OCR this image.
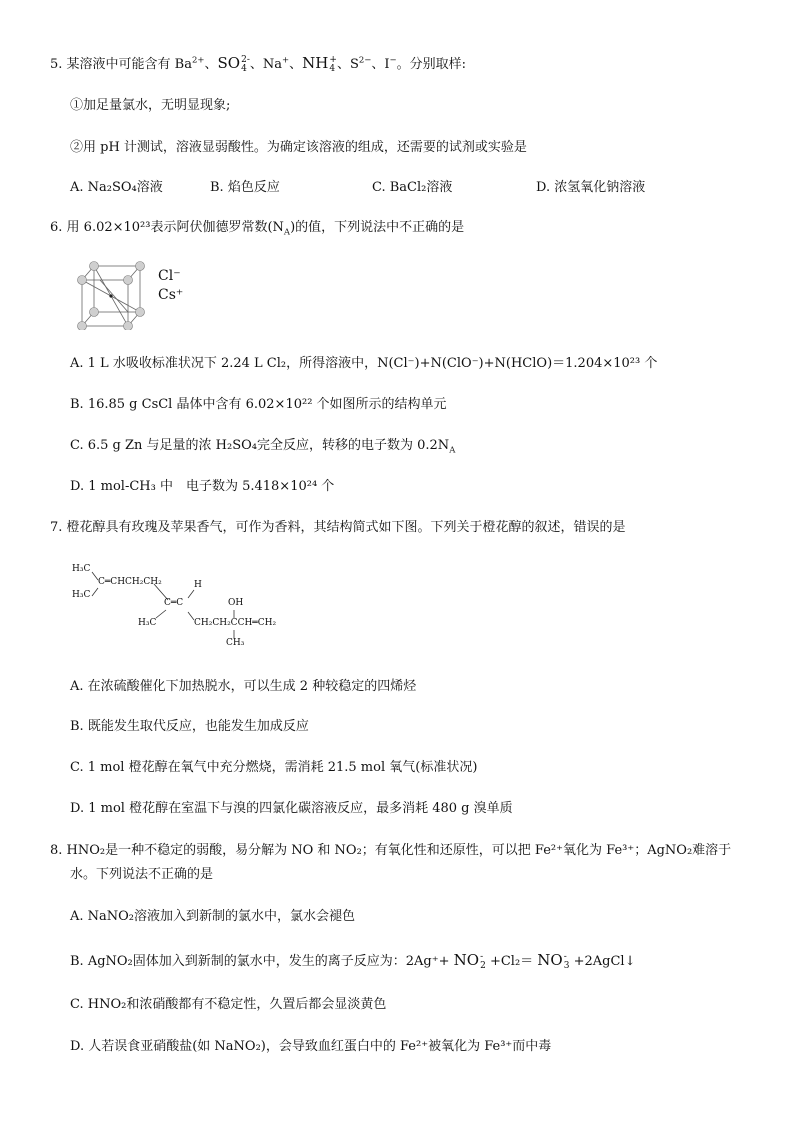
5. 某溶液中可能含有 $Ba^{2+}$、SO 2-
4 、Na+、NH +
4 、$S^{2-}$、I−。分别取样:
①加足量氯水，无明显现象;
②用 pH 计测试，溶液显弱酸性。为确定该溶液的组成，还需要的试剂或实验是
A. Na₂SO₄溶液	B. 焰色反应	C. BaCl₂溶液	D. 浓氢氧化钠溶液
6. 用 6.02×10²³表示阿伏伽德罗常数$(N_A)$的值，下列说法中不正确的是
Cl⁻
Cs⁺
A. 1 L 水吸收标准状况下 2.24 L Cl₂，所得溶液中，N(Cl⁻)+N(ClO⁻)+N(HClO)＝1.204×10²³ 个
B. 16.85 g CsCl 晶体中含有 6.02×10²² 个如图所示的结构单元
C. 6.5 g Zn 与足量的浓 H₂SO₄完全反应，转移的电子数为 $0.2N_A$
D. 1 mol-CH₃ 中　电子数为 5.418×10²⁴ 个
7. 橙花醇具有玫瑰及苹果香气，可作为香料，其结构简式如下图。下列关于橙花醇的叙述，错误的是
H₃C
H₃C
C═CHCH₂CH₂	H
C═C	OH
H₃C	CH₂CH₂CCH═CH₂
CH₃
A. 在浓硫酸催化下加热脱水，可以生成 2 种较稳定的四烯烃
B. 既能发生取代反应，也能发生加成反应
C. 1 mol 橙花醇在氧气中充分燃烧，需消耗 21.5 mol 氧气(标准状况)
D. 1 mol 橙花醇在室温下与溴的四氯化碳溶液反应，最多消耗 480 g 溴单质
8. HNO₂是一种不稳定的弱酸，易分解为 NO 和 NO₂；有氧化性和还原性，可以把 Fe²⁺氧化为 Fe³⁺；AgNO₂难溶于
水。下列说法不正确的是
A. NaNO₂溶液加入到新制的氯水中，氯水会褪色
B. AgNO₂固体加入到新制的氯水中，发生的离子反应为：2Ag⁺+ NO -
2 +Cl₂＝ NO -
3 +2AgCl↓
C. HNO₂和浓硝酸都有不稳定性，久置后都会显淡黄色
D. 人若误食亚硝酸盐(如 NaNO₂)，会导致血红蛋白中的 Fe²⁺被氧化为 Fe³⁺而中毒
